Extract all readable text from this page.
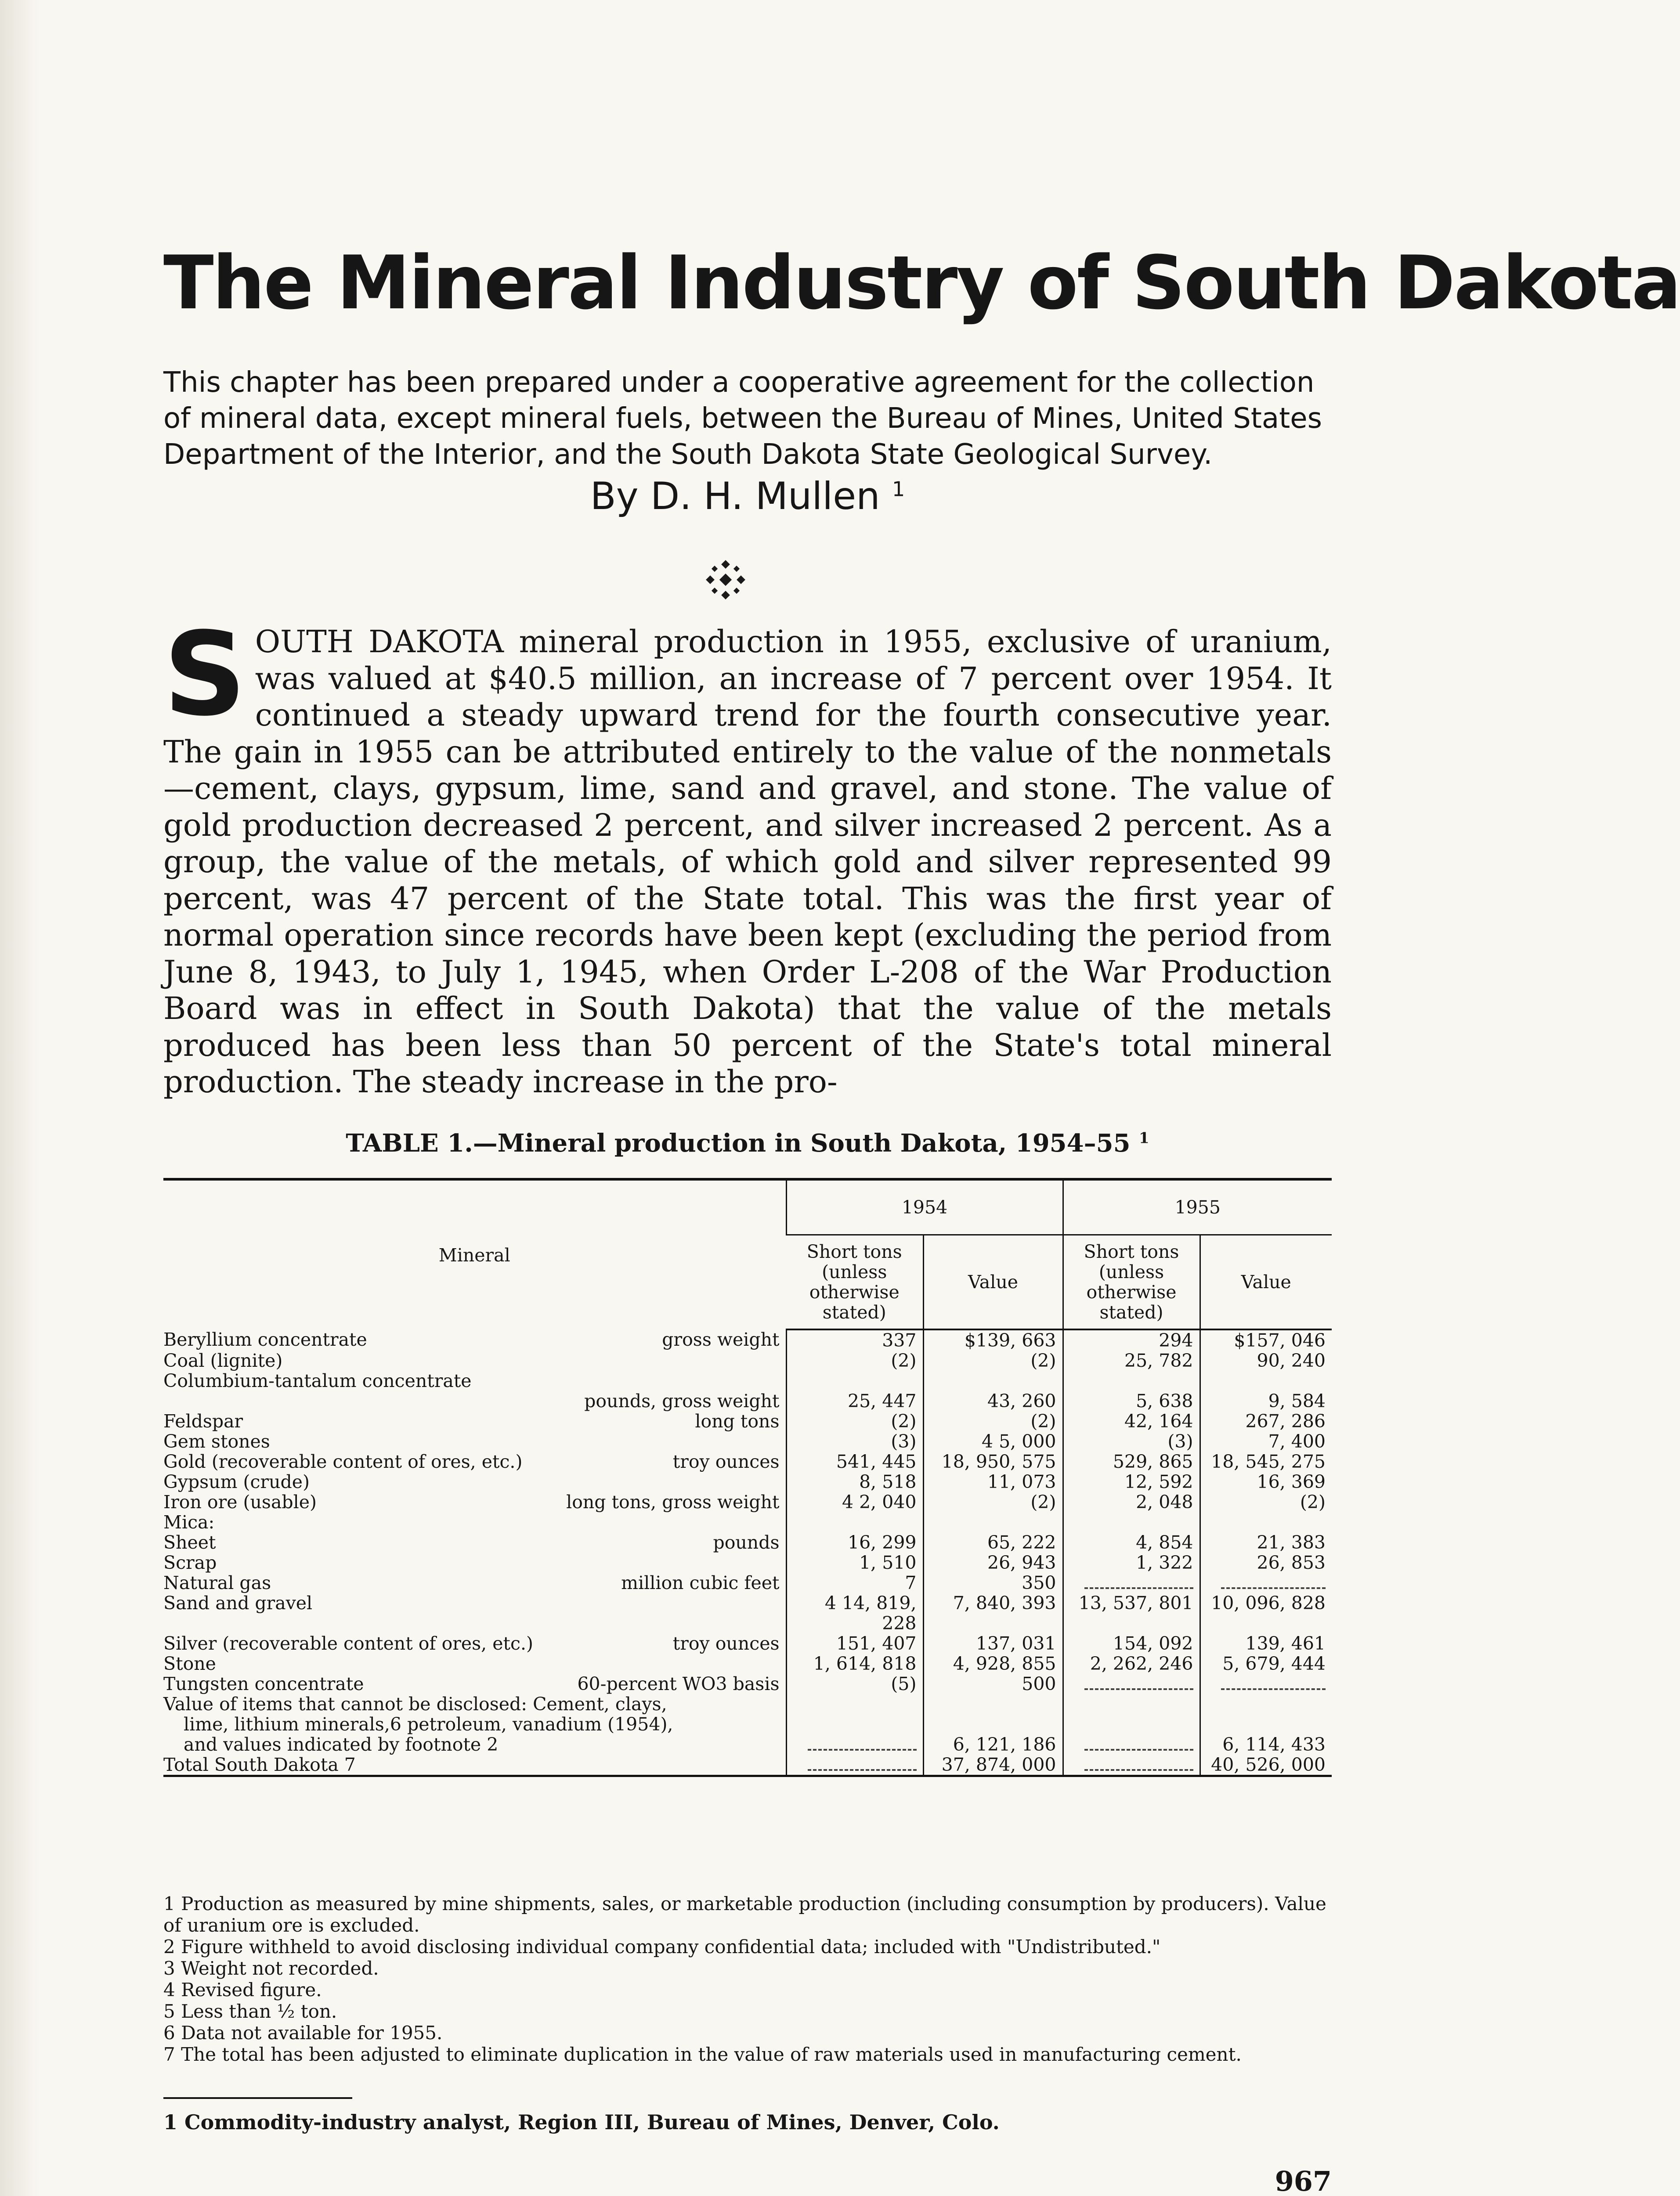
The Mineral Industry of South Dakota

This chapter has been prepared under a cooperative agreement for the collection of mineral data, except mineral fuels, between the Bureau of Mines, United States Department of the Interior, and the South Dakota State Geological Survey.

By D. H. Mullen $^1$

SOUTH DAKOTA mineral production in 1955, exclusive of uranium, was valued at $40.5 million, an increase of 7 percent over 1954. It continued a steady upward trend for the fourth consecutive year. The gain in 1955 can be attributed entirely to the value of the nonmetals—cement, clays, gypsum, lime, sand and gravel, and stone. The value of gold production decreased 2 percent, and silver increased 2 percent. As a group, the value of the metals, of which gold and silver represented 99 percent, was 47 percent of the State total. This was the first year of normal operation since records have been kept (excluding the period from June 8, 1943, to July 1, 1945, when Order L-208 of the War Production Board was in effect in South Dakota) that the value of the metals produced has been less than 50 percent of the State's total mineral production. The steady increase in the pro-

TABLE 1.—Mineral production in South Dakota, 1954–55 $^1$
Mineral	1954		1955	
	Short tons (unless otherwise stated)	Value	Short tons (unless otherwise stated)	Value
Beryllium concentrate gross weight	337	$139, 663	294	$157, 046
Coal (lignite)	(2)	(2)	25, 782	90, 240

Columbium-tantalum concentrate
pounds, gross weight	25, 447	43, 260	5, 638	9, 584
Feldspar long tons	(2)	(2)	42, 164	267, 286
Gem stones	(3)	4 5, 000	(3)	7, 400
Gold (recoverable content of ores, etc.) troy ounces	541, 445	18, 950, 575	529, 865	18, 545, 275
Gypsum (crude)	8, 518	11, 073	12, 592	16, 369
Iron ore (usable) long tons, gross weight	4 2, 040	(2)	2, 048	(2)
Mica:				
Sheet pounds	16, 299	65, 222	4, 854	21, 383
Scrap	1, 510	26, 943	1, 322	26, 853
Natural gas million cubic feet	7	350		
Sand and gravel	4 14, 819, 228	7, 840, 393	13, 537, 801	10, 096, 828
Silver (recoverable content of ores, etc.) troy ounces	151, 407	137, 031	154, 092	139, 461
Stone	1, 614, 818	4, 928, 855	2, 262, 246	5, 679, 444
Tungsten concentrate 60-percent WO3 basis	(5)	500		

Value of items that cannot be disclosed: Cement, clays,
lime, lithium minerals,6 petroleum, vanadium (1954),
and values indicated by footnote 2		6, 121, 186		6, 114, 433
Total South Dakota 7		37, 874, 000		40, 526, 000

1 Production as measured by mine shipments, sales, or marketable production (including consumption by producers). Value of uranium ore is excluded.

2 Figure withheld to avoid disclosing individual company confidential data; included with "Undistributed."

3 Weight not recorded.

4 Revised figure.

5 Less than ½ ton.

6 Data not available for 1955.

7 The total has been adjusted to eliminate duplication in the value of raw materials used in manufacturing cement.

1 Commodity-industry analyst, Region III, Bureau of Mines, Denver, Colo.
967
